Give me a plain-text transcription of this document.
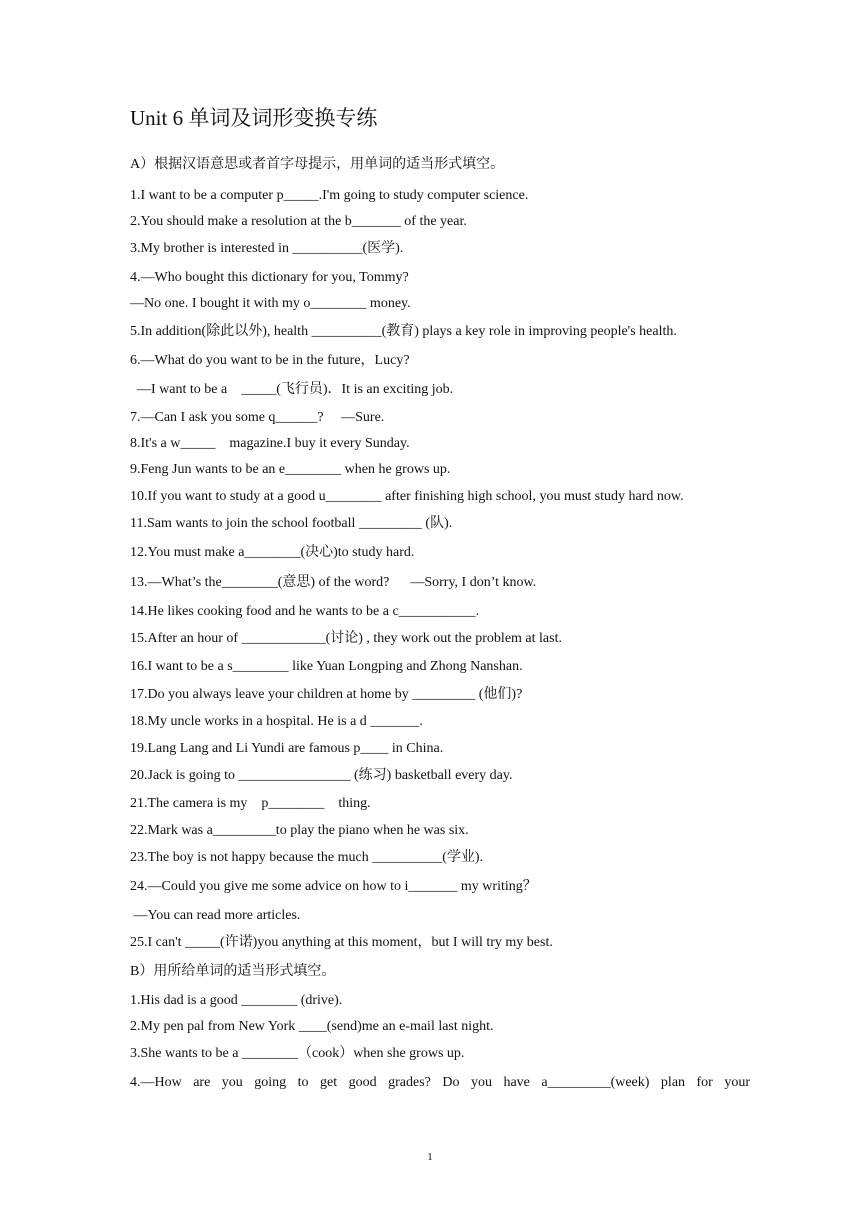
Unit 6 单词及词形变换专练
A）根据汉语意思或者首字母提示，用单词的适当形式填空。
1.I want to be a computer p_____.I'm going to study computer science.
2.You should make a resolution at the b_______ of the year.
3.My brother is interested in __________(医学).
4.—Who bought this dictionary for you, Tommy?
—No one. I bought it with my o________ money.
5.In addition(除此以外), health __________(教育) plays a key role in improving people's health.
6.—What do you want to be in the future，Lucy?
—I want to be a    _____(飞行员)．It is an exciting job.
7.—Can I ask you some q______?     —Sure.
8.It's a w_____    magazine.I buy it every Sunday.
9.Feng Jun wants to be an e________ when he grows up.
10.If you want to study at a good u________ after finishing high school, you must study hard now.
11.Sam wants to join the school football _________ (队).
12.You must make a________(决心)to study hard.
13.—What’s the________(意思) of the word?      —Sorry, I don’t know.
14.He likes cooking food and he wants to be a c___________.
15.After an hour of ____________(讨论) , they work out the problem at last.
16.I want to be a s________ like Yuan Longping and Zhong Nanshan.
17.Do you always leave your children at home by _________ (他们)?
18.My uncle works in a hospital. He is a d _______.
19.Lang Lang and Li Yundi are famous p____ in China.
20.Jack is going to ________________ (练习) basketball every day.
21.The camera is my    p________    thing.
22.Mark was a_________to play the piano when he was six.
23.The boy is not happy because the much __________(学业).
24.—Could you give me some advice on how to i_______ my writing？
—You can read more articles.
25.I can't _____(许诺)you anything at this moment，but I will try my best.
B）用所给单词的适当形式填空。
1.His dad is a good ________ (drive).
2.My pen pal from New York ____(send)me an e-mail last night.
3.She wants to be a ________（cook）when she grows up.
4.—How are you going to get good grades? Do you have a_________(week) plan for your
1
